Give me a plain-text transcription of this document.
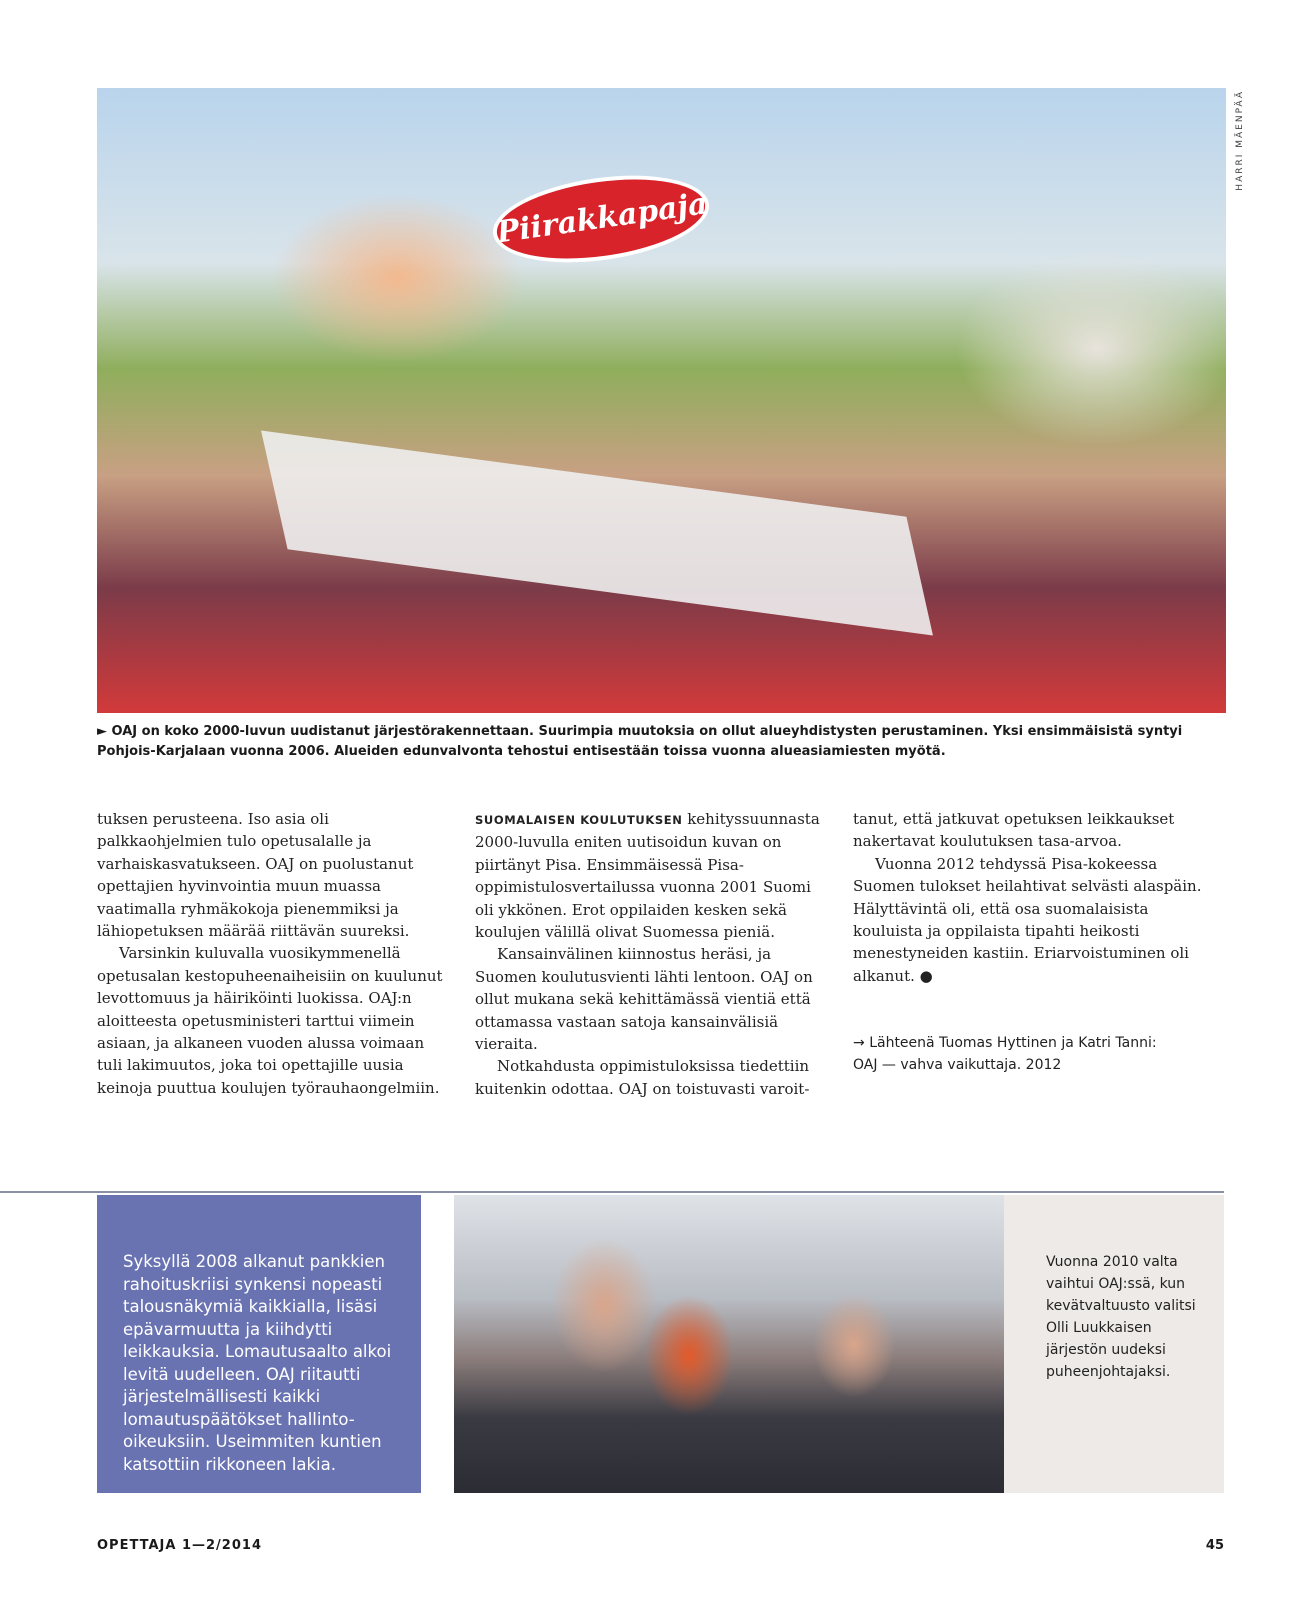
Piirakkapaja
HARRI MÄENPÄÄ
► OAJ on koko 2000-luvun uudistanut järjestörakennettaan. Suurimpia muutoksia on ollut alueyhdistysten perustaminen. Yksi ensimmäisistä syntyi Pohjois-Karjalaan vuonna 2006. Alueiden edunvalvonta tehostui entisestään toissa vuonna alueasiamiesten myötä.

tuksen perusteena. Iso asia oli palkkaohjelmien tulo opetusalalle ja varhaiskasvatukseen. OAJ on puolustanut opettajien hyvinvointia muun muassa vaatimalla ryhmäkokoja pienemmiksi ja lähiopetuksen määrää riittävän suureksi.

Varsinkin kuluvalla vuosikymmenellä opetusalan kestopuheenaiheisiin on kuulunut levottomuus ja häiriköinti luokissa. OAJ:n aloitteesta opetusministeri tarttui viimein asiaan, ja alkaneen vuoden alussa voimaan tuli lakimuutos, joka toi opettajille uusia keinoja puuttua koulujen työrauhaongelmiin.

SUOMALAISEN KOULUTUKSEN kehityssuunnasta 2000-luvulla eniten uutisoidun kuvan on piirtänyt Pisa. Ensimmäisessä Pisa-oppimistulosvertailussa vuonna 2001 Suomi oli ykkönen. Erot oppilaiden kesken sekä koulujen välillä olivat Suomessa pieniä.

Kansainvälinen kiinnostus heräsi, ja Suomen koulutusvienti lähti lentoon. OAJ on ollut mukana sekä kehittämässä vientiä että ottamassa vastaan satoja kansainvälisiä vieraita.

Notkahdusta oppimistuloksissa tiedettiin kuitenkin odottaa. OAJ on toistuvasti varoit-

tanut, että jatkuvat opetuksen leikkaukset nakertavat koulutuksen tasa-arvoa.

Vuonna 2012 tehdyssä Pisa-kokeessa Suomen tulokset heilahtivat selvästi alaspäin. Hälyttävintä oli, että osa suomalaisista kouluista ja oppilaista tipahti heikosti menestyneiden kastiin. Eriarvoistuminen oli alkanut. ●

→ Lähteenä Tuomas Hyttinen ja Katri Tanni:
OAJ — vahva vaikuttaja. 2012
Syksyllä 2008 alkanut pankkien rahoituskriisi synkensi nopeasti talousnäkymiä kaikkialla, lisäsi epävarmuutta ja kiihdytti leikkauksia. Lomautusaalto alkoi levitä uudelleen. OAJ riitautti järjestelmällisesti kaikki lomautuspäätökset hallinto-oikeuksiin. Useimmiten kuntien katsottiin rikkoneen lakia.
Vuonna 2010 valta vaihtui OAJ:ssä, kun kevätvaltuusto valitsi Olli Luukkaisen järjestön uudeksi puheenjohtajaksi.
OPETTAJA 1—2/2014	45
